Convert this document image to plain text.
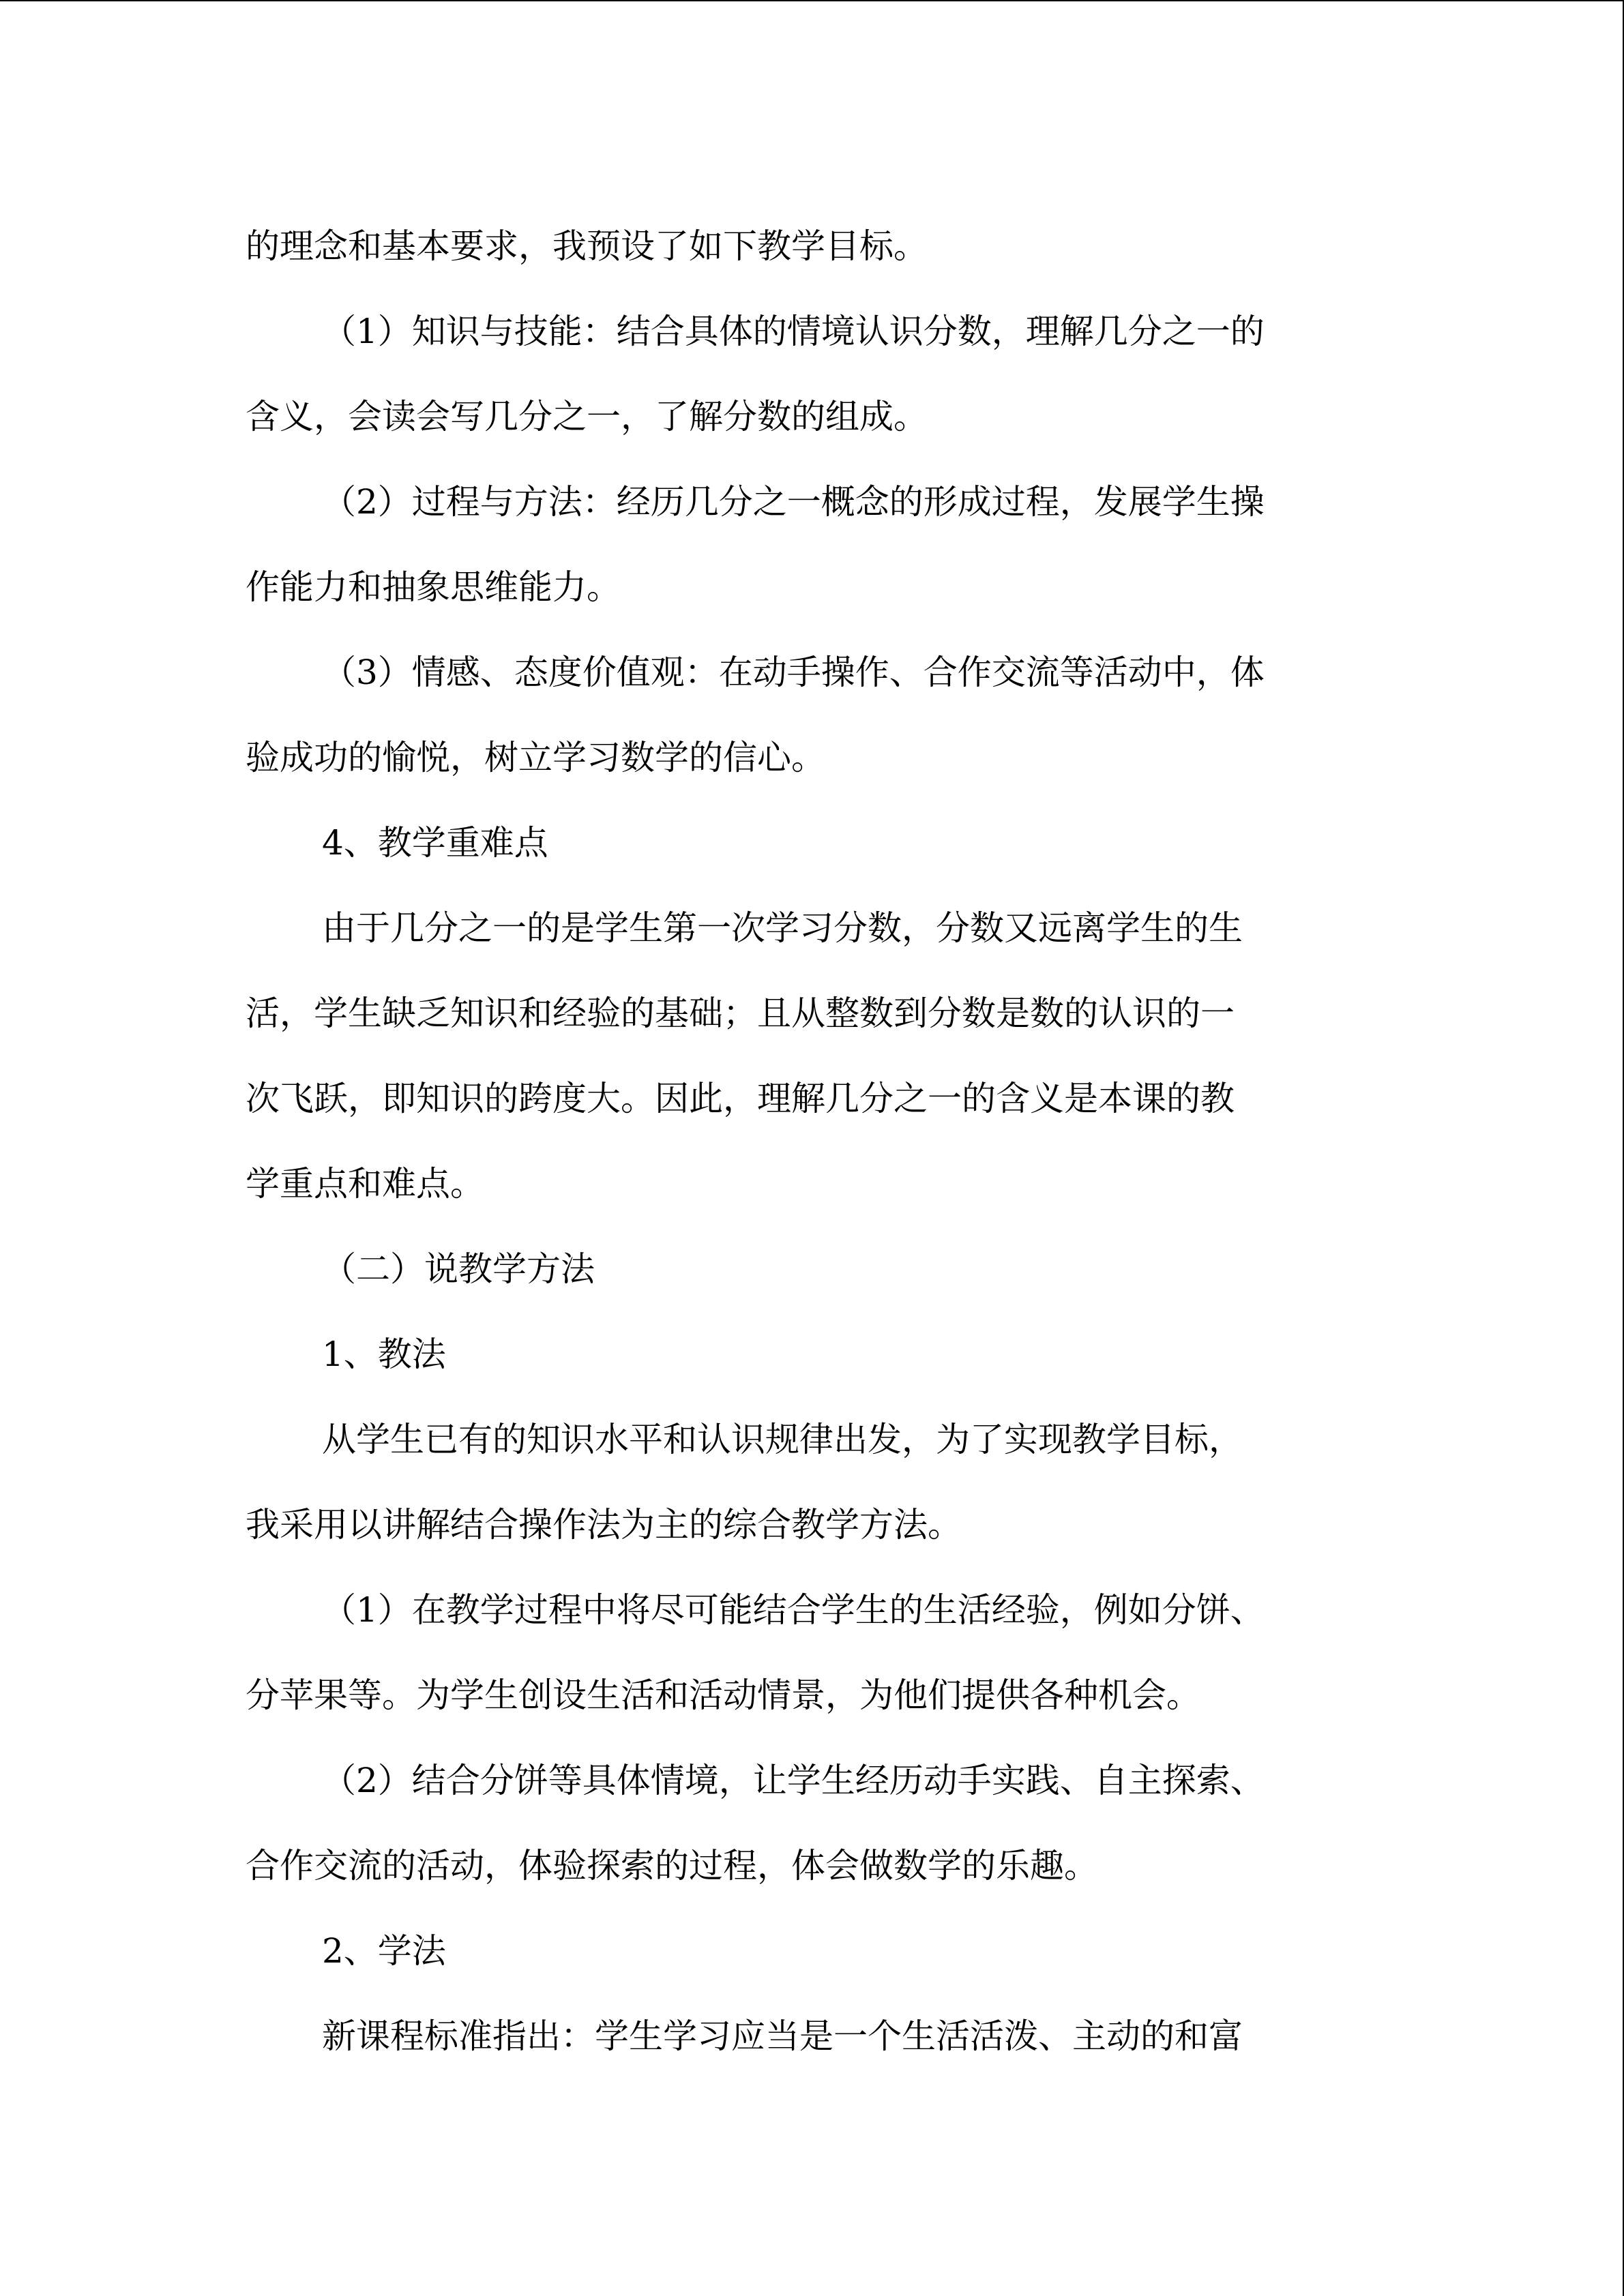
的理念和基本要求，我预设了如下教学目标。
（1）知识与技能：结合具体的情境认识分数，理解几分之一的
含义，会读会写几分之一，了解分数的组成。
（2）过程与方法：经历几分之一概念的形成过程，发展学生操
作能力和抽象思维能力。
（3）情感、态度价值观：在动手操作、合作交流等活动中，体
验成功的愉悦，树立学习数学的信心。
4、教学重难点
由于几分之一的是学生第一次学习分数，分数又远离学生的生
活，学生缺乏知识和经验的基础；且从整数到分数是数的认识的一
次飞跃，即知识的跨度大。因此，理解几分之一的含义是本课的教
学重点和难点。
（二）说教学方法
1、教法
从学生已有的知识水平和认识规律出发，为了实现教学目标，
我采用以讲解结合操作法为主的综合教学方法。
（1）在教学过程中将尽可能结合学生的生活经验，例如分饼、
分苹果等。为学生创设生活和活动情景，为他们提供各种机会。
（2）结合分饼等具体情境，让学生经历动手实践、自主探索、
合作交流的活动，体验探索的过程，体会做数学的乐趣。
2、学法
新课程标准指出：学生学习应当是一个生活活泼、主动的和富
